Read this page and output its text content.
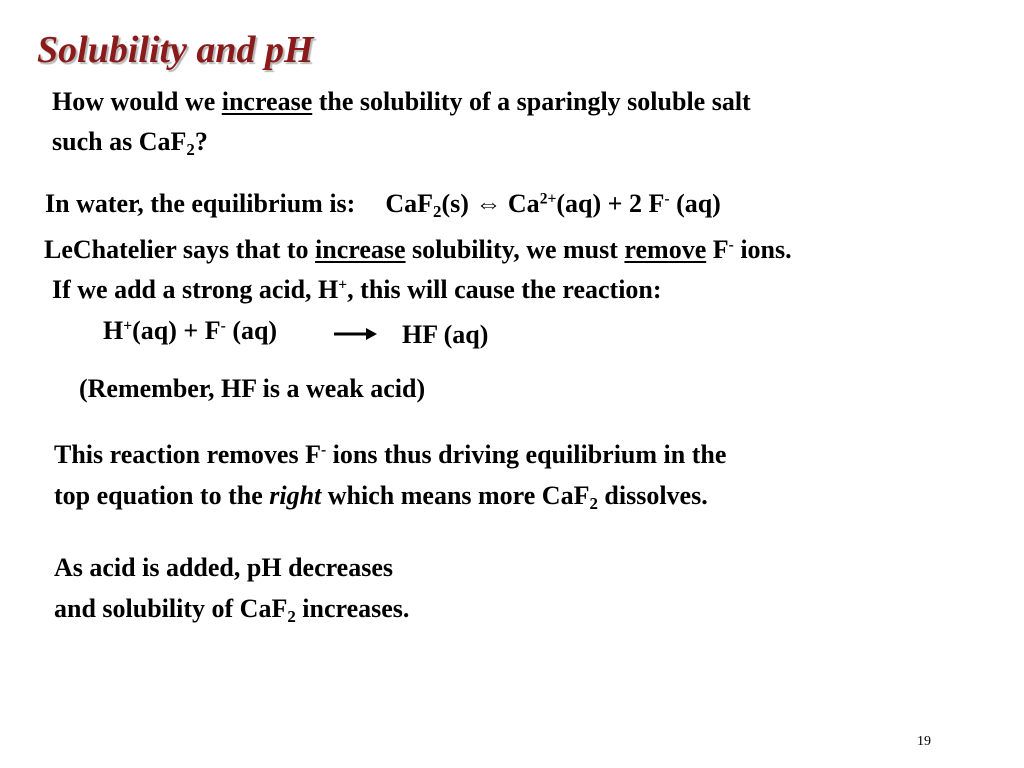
Solubility and pH
How would we increase the solubility of a sparingly soluble salt
such as CaF$_2$?
In water, the equilibrium is: CaF$_2$(s) ⇔ $Ca^{2+}(aq) + 2$ F- (aq)
LeChatelier says that to increase solubility, we must remove F- ions.
If we add a strong acid, H+, this will cause the reaction:
H+(aq) + F- (aq)	→ HF (aq)
(Remember, HF is a weak acid)
This reaction removes F- ions thus driving equilibrium in the
top equation to the right which means more CaF$_2$ dissolves.
As acid is added, pH decreases
and solubility of CaF$_2$ increases.
19
